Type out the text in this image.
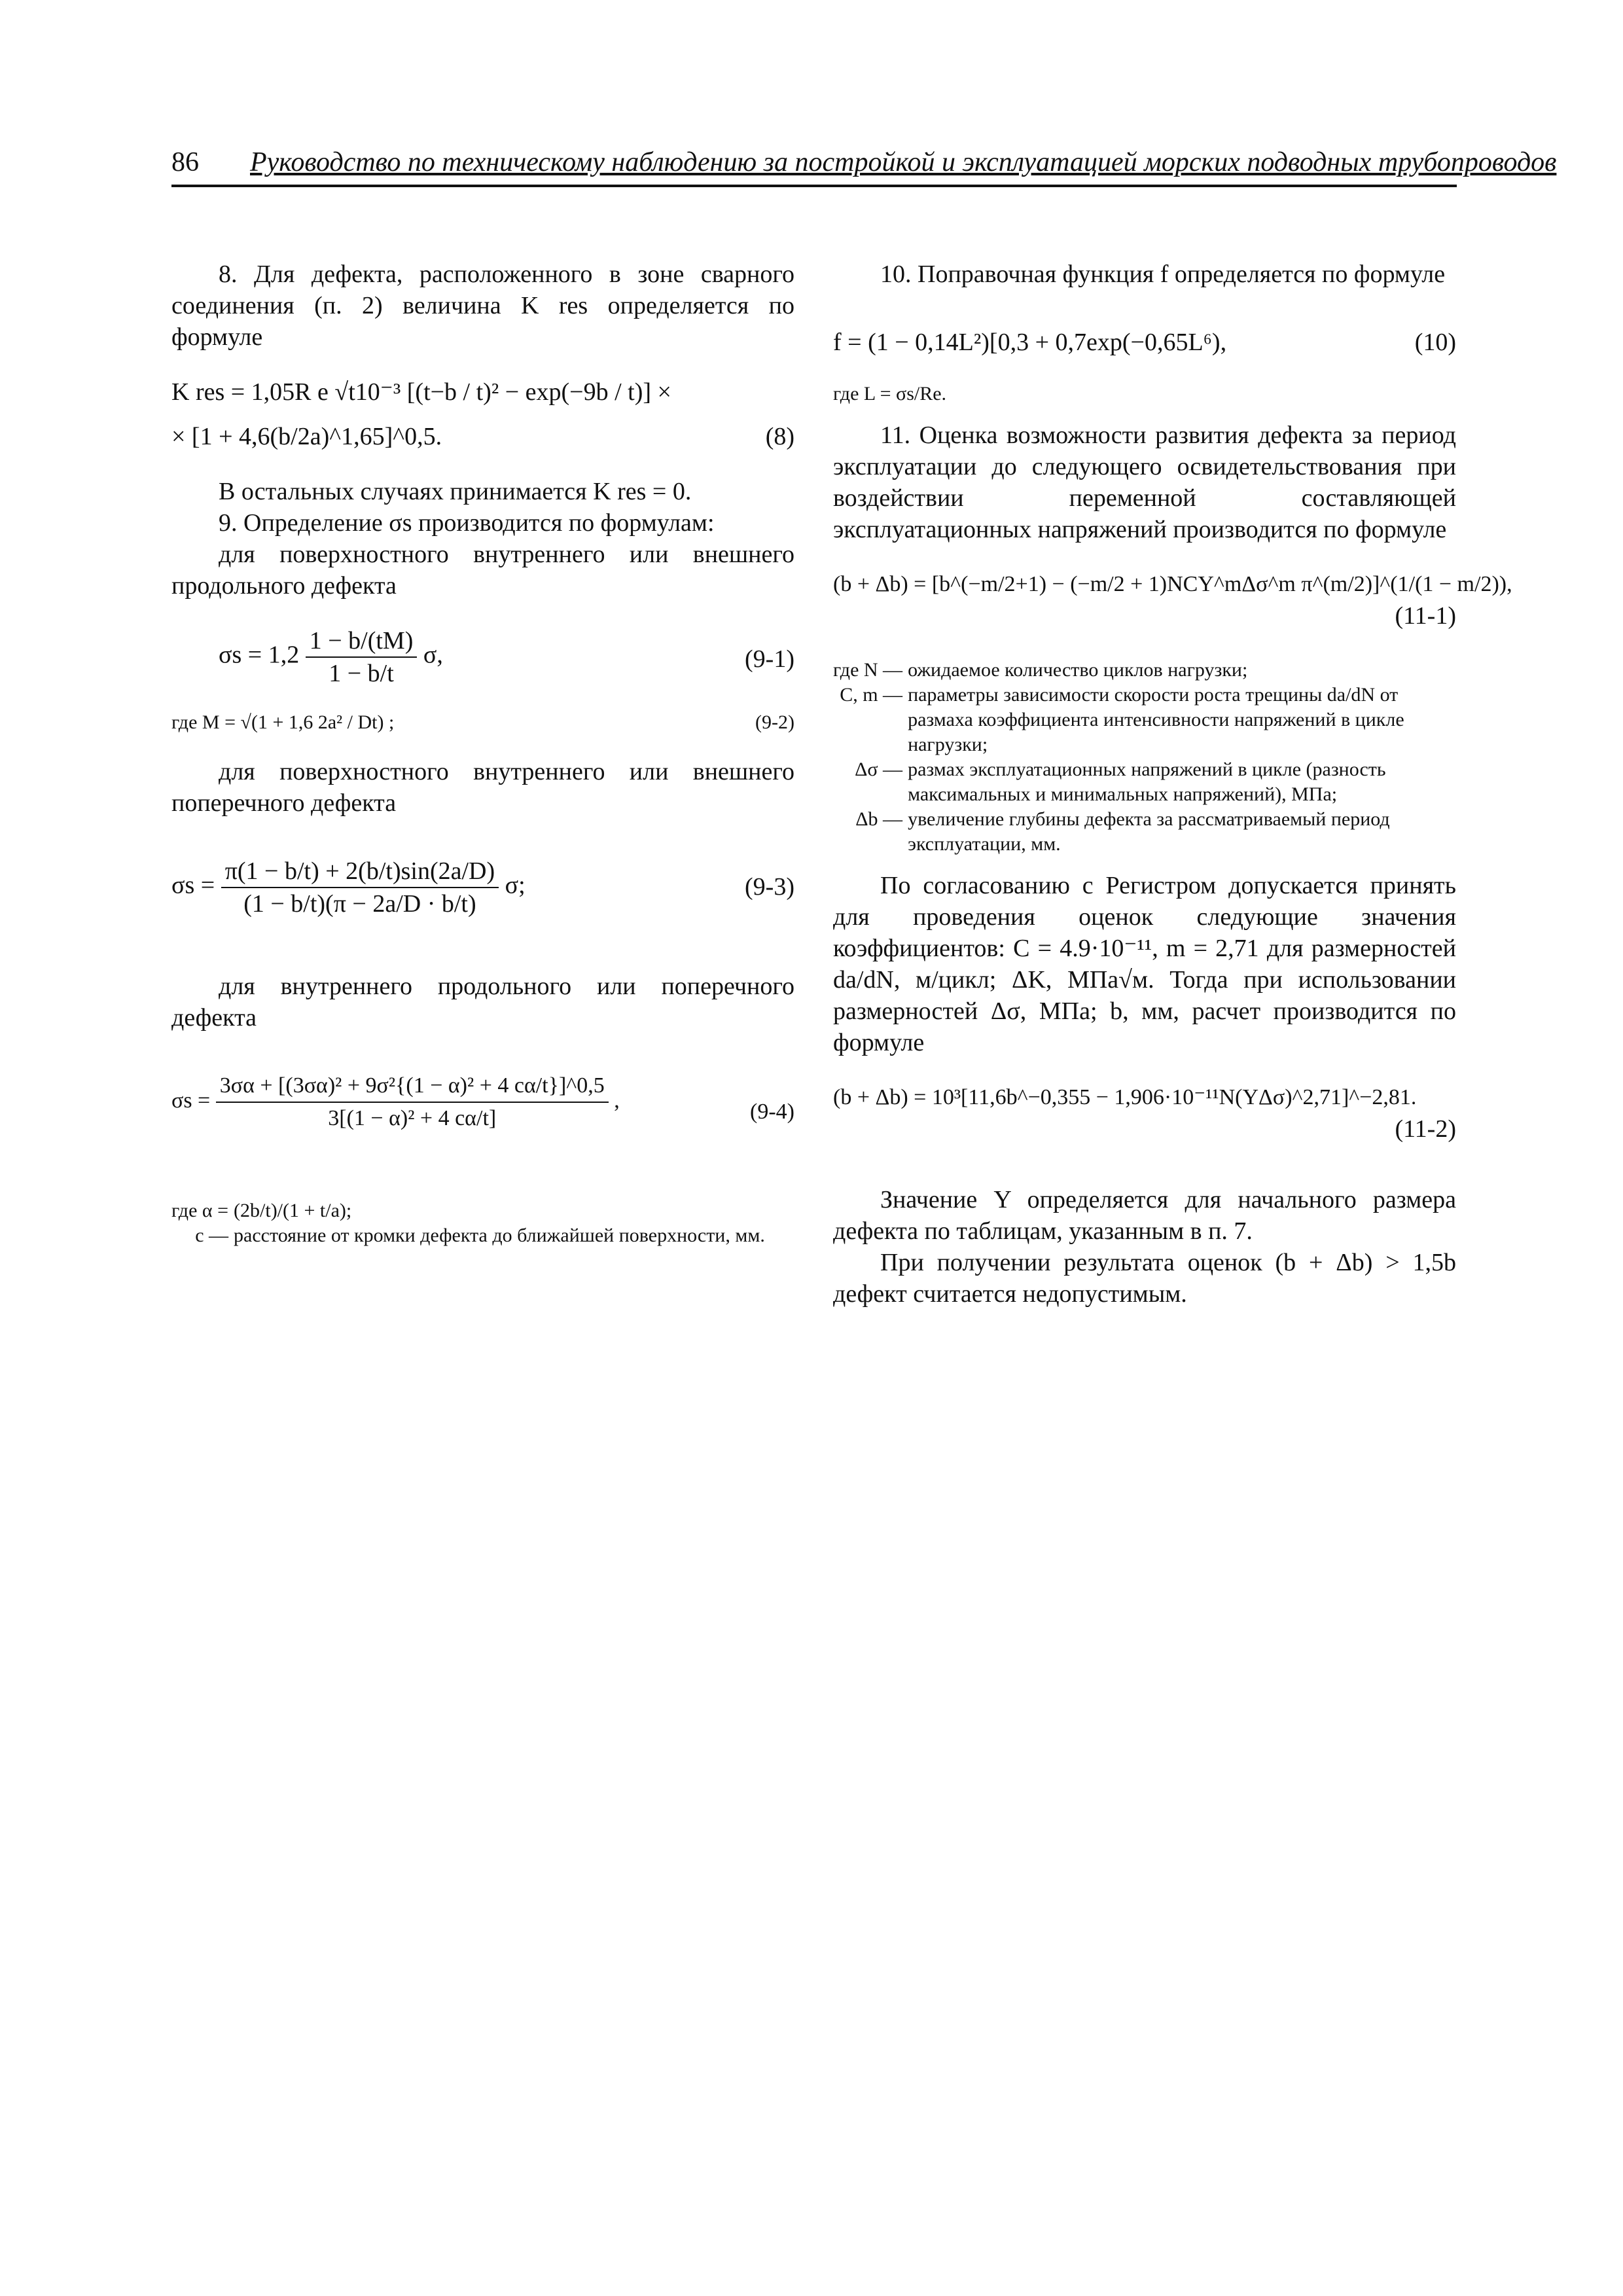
86 Руководство по техническому наблюдению за постройкой и эксплуатацией морских подводных трубопроводов

8. Для дефекта, расположенного в зоне сварного соединения (п. 2) величина K res определяется по формуле

K res = 1,05R e √t10⁻³ [(t−b / t)² − exp(−9b / t)] ×
× [1 + 4,6(b/2a)^1,65]^0,5.	(8)

В остальных случаях принимается K res = 0.

9. Определение σs производится по формулам:

для поверхностного внутреннего или внешнего продольного дефекта

$\sigma s = 1,2 \frac{1 - b/(tM)}{1 - b/t} \sigma$,	(9-1)
где M = √(1 + 1,6 2a² / Dt) ;	(9-2)

для поверхностного внутреннего или внешнего поперечного дефекта

$\sigma s = \frac{\pi(1 - b/t) + 2(b/t)\sin(2a/D)}{(1 - b/t)(\pi - 2a/D \cdot b/t)} \sigma$;	(9-3)

для внутреннего продольного или поперечного дефекта

$\sigma s = \frac{\text{3σα + [(3σα)² + 9σ²\{(1 − α)² + 4 cα/t\}]\textasciicircum{}0,5}}{\text{3[(1 − α)² + 4 cα/t]}}$ ,	(9-4)
где α = (2b/t)/(1 + t/a);
c — расстояние от кромки дефекта до ближайшей поверхности, мм.

10. Поправочная функция f определяется по формуле

f = (1 − 0,14L²)[0,3 + 0,7exp(−0,65L⁶),	(10)

где L = σs/Re.

11. Оценка возможности развития дефекта за период эксплуатации до следующего освидетельствования при воздействии переменной составляющей эксплуатационных напряжений производится по формуле

(b + Δb) = [b^(−m/2+1) − (−m/2 + 1)NCY^mΔσ^m π^(m/2)]^(1/(1 − m/2)),
(11-1)
где N — ожидаемое количество циклов нагрузки;
C, m — параметры зависимости скорости роста трещины da/dN от размаха коэффициента интенсивности напряжений в цикле нагрузки;
Δσ — размах эксплуатационных напряжений в цикле (разность максимальных и минимальных напряжений), МПа;
Δb — увеличение глубины дефекта за рассматриваемый период эксплуатации, мм.

По согласованию с Регистром допускается принять для проведения оценок следующие значения коэффициентов: C = 4.9·10⁻¹¹, m = 2,71 для размерностей da/dN, м/цикл; ΔK, МПа√м. Тогда при использовании размерностей Δσ, МПа; b, мм, расчет производится по формуле

(b + Δb) = 10³[11,6b^−0,355 − 1,906·10⁻¹¹N(YΔσ)^2,71]^−2,81.
(11-2)

Значение Y определяется для начального размера дефекта по таблицам, указанным в п. 7.

При получении результата оценок (b + Δb) > 1,5b дефект считается недопустимым.
